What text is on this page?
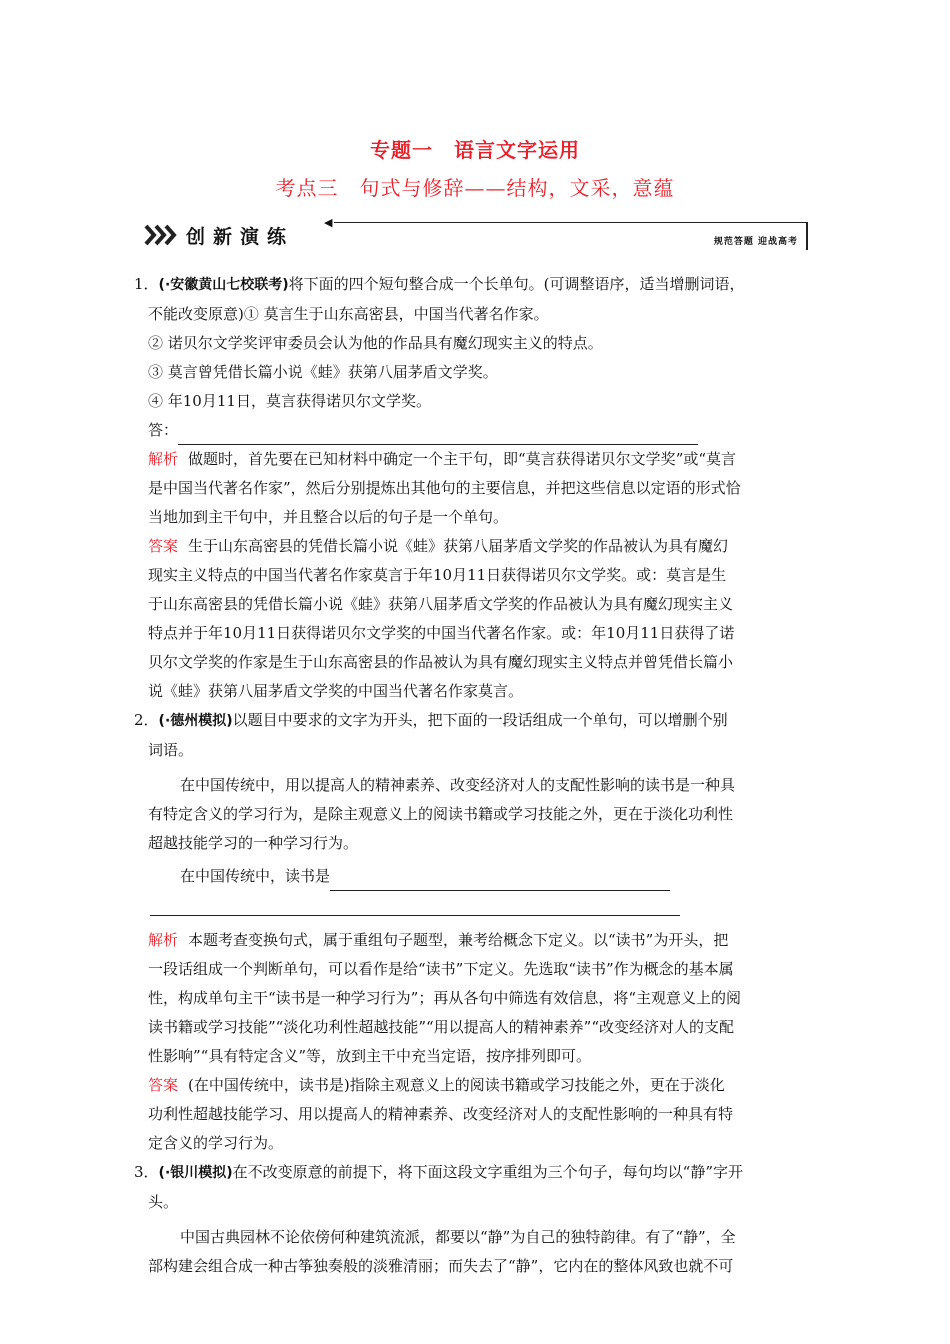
专题一　语言文字运用
考点三　句式与修辞——结构，文采，意蕴
创新演练
◀
规范答题 迎战高考

1．(·安徽黄山七校联考)将下面的四个短句整合成一个长单句。(可调整语序，适当增删词语，

不能改变原意)① 莫言生于山东高密县，中国当代著名作家。

② 诺贝尔文学奖评审委员会认为他的作品具有魔幻现实主义的特点。

③ 莫言曾凭借长篇小说《蛙》获第八届茅盾文学奖。

④ 年10月11日，莫言获得诺贝尔文学奖。

答：

解析 做题时，首先要在已知材料中确定一个主干句，即“莫言获得诺贝尔文学奖”或“莫言

是中国当代著名作家”，然后分别提炼出其他句的主要信息，并把这些信息以定语的形式恰

当地加到主干句中，并且整合以后的句子是一个单句。

答案 生于山东高密县的凭借长篇小说《蛙》获第八届茅盾文学奖的作品被认为具有魔幻

现实主义特点的中国当代著名作家莫言于年10月11日获得诺贝尔文学奖。或：莫言是生

于山东高密县的凭借长篇小说《蛙》获第八届茅盾文学奖的作品被认为具有魔幻现实主义

特点并于年10月11日获得诺贝尔文学奖的中国当代著名作家。或：年10月11日获得了诺

贝尔文学奖的作家是生于山东高密县的作品被认为具有魔幻现实主义特点并曾凭借长篇小

说《蛙》获第八届茅盾文学奖的中国当代著名作家莫言。

2．(·德州模拟)以题目中要求的文字为开头，把下面的一段话组成一个单句，可以增删个别

词语。

在中国传统中，用以提高人的精神素养、改变经济对人的支配性影响的读书是一种具

有特定含义的学习行为，是除主观意义上的阅读书籍或学习技能之外，更在于淡化功利性

超越技能学习的一种学习行为。

在中国传统中，读书是

解析 本题考查变换句式，属于重组句子题型，兼考给概念下定义。以“读书”为开头，把

一段话组成一个判断单句，可以看作是给“读书”下定义。先选取“读书”作为概念的基本属

性，构成单句主干“读书是一种学习行为”；再从各句中筛选有效信息，将“主观意义上的阅

读书籍或学习技能”“淡化功利性超越技能”“用以提高人的精神素养”“改变经济对人的支配

性影响”“具有特定含义”等，放到主干中充当定语，按序排列即可。

答案 (在中国传统中，读书是)指除主观意义上的阅读书籍或学习技能之外，更在于淡化

功利性超越技能学习、用以提高人的精神素养、改变经济对人的支配性影响的一种具有特

定含义的学习行为。

3．(·银川模拟)在不改变原意的前提下，将下面这段文字重组为三个句子，每句均以“静”字开

头。

中国古典园林不论依傍何种建筑流派，都要以“静”为自己的独特韵律。有了“静”，全

部构建会组合成一种古筝独奏般的淡雅清丽；而失去了“静”，它内在的整体风致也就不可
